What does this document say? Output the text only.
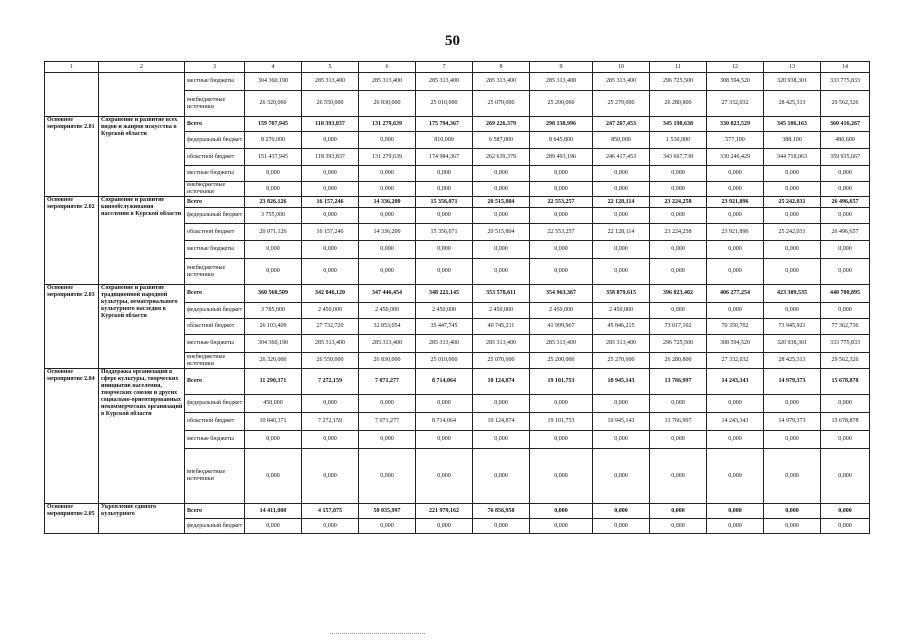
50
1	2	3	4	5	6	7	8	9	10	11	12	13	14
		местные бюджеты	304 360,190	285 313,400	285 313,400	285 313,400	285 313,400	285 313,400	285 313,400	296 725,500	308 594,520	320 938,301	333 775,833
		внебюджетные источники	26 320,000	26 550,000	26 830,000	25 010,000	25 070,000	25 200,000	25 270,000	26 280,800	27 332,032	28 425,313	29 562,326
Основное мероприятие 2.01	Сохранение и развитие всех видов и жанров искусства в Курской области	Всего	159 707,945	118 393,837	131 279,639	175 794,367	269 226,379	298 138,996	247 267,453	345 198,638	330 823,529	345 106,163	360 416,267
		федеральный бюджет	8 270,000	0,000	0,000	810,000	6 587,000	8 645,800	850,000	1 530,900	577,100	388,100	480,600
		областной бюджет	151 437,945	118 393,837	131 279,639	174 984,367	262 639,379	289 493,196	246 417,453	343 667,738	330 246,429	344 718,063	359 935,667
		местные бюджеты	0,000	0,000	0,000	0,000	0,000	0,000	0,000	0,000	0,000	0,000	0,000
		внебюджетные источники	0,000	0,000	0,000	0,000	0,000	0,000	0,000	0,000	0,000	0,000	0,000
Основное мероприятие 2.02	Сохранение и развитие кинообслуживания населения в Курской области	Всего	23 826,126	16 157,246	14 336,200	15 356,071	20 515,804	22 553,257	22 128,114	23 224,258	23 921,896	25 242,031	26 496,657
		федеральный бюджет	3 755,000	0,000	0,000	0,000	0,000	0,000	0,000	0,000	0,000	0,000	0,000
		областной бюджет	20 071,126	16 157,246	14 336,200	15 356,071	20 515,804	22 553,257	22 128,114	23 224,258	23 921,896	25 242,031	26 496,657
		местные бюджеты	0,000	0,000	0,000	0,000	0,000	0,000	0,000	0,000	0,000	0,000	0,000
		внебюджетные источники	0,000	0,000	0,000	0,000	0,000	0,000	0,000	0,000	0,000	0,000	0,000
Основное мероприятие 2.03	Сохранение и развитие традиционной народной культуры, нематериального культурного наследия в Курской области	Всего	360 568,509	342 046,120	347 446,454	348 221,145	353 578,611	354 963,367	358 879,615	396 023,402	406 277,254	423 309,535	440 700,895
		федеральный бюджет	3 785,000	2 450,000	2 450,000	2 450,000	2 450,000	2 450,000	2 450,000	0,000	0,000	0,000	0,000
		областной бюджет	26 103,409	27 732,720	32 853,054	35 447,745	40 745,211	41 999,967	45 846,215	73 017,102	70 350,702	73 945,921	77 362,736
		местные бюджеты	304 360,190	285 313,400	285 313,400	285 313,400	285 313,400	285 313,400	285 313,400	296 725,500	308 594,520	320 938,301	333 775,833
		внебюджетные источники	26 320,000	26 550,000	26 830,000	25 010,000	25 070,000	25 200,000	25 270,000	26 280,800	27 332,032	28 425,313	29 562,326
Основное мероприятие 2.04	Поддержка организаций в сфере культуры, творческих инициатив населения, творческих союзов и других социально-ориентированных некоммерческих организаций в Курской области	Всего	11 290,371	7 272,159	7 071,277	8 714,064	10 124,874	19 101,753	10 945,143	13 766,997	14 243,343	14 979,373	15 678,878
		федеральный бюджет	450,000	0,000	0,000	0,000	0,000	0,000	0,000	0,000	0,000	0,000	0,000
		областной бюджет	10 840,371	7 272,159	7 071,277	8 714,064	10 124,874	19 101,753	10 945,143	13 766,997	14 243,343	14 979,373	15 678,878
		местные бюджеты	0,000	0,000	0,000	0,000	0,000	0,000	0,000	0,000	0,000	0,000	0,000
		внебюджетные источники	0,000	0,000	0,000	0,000	0,000	0,000	0,000	0,000	0,000	0,000	0,000
Основное мероприятие 2.05	Укрепление единого культурного	Всего	14 411,000	4 157,875	50 035,997	221 979,162	76 856,958	0,000	0,000	0,000	0,000	0,000	0,000
		федеральный бюджет	0,000	0,000	0,000	0,000	0,000	0,000	0,000	0,000	0,000	0,000	0,000
